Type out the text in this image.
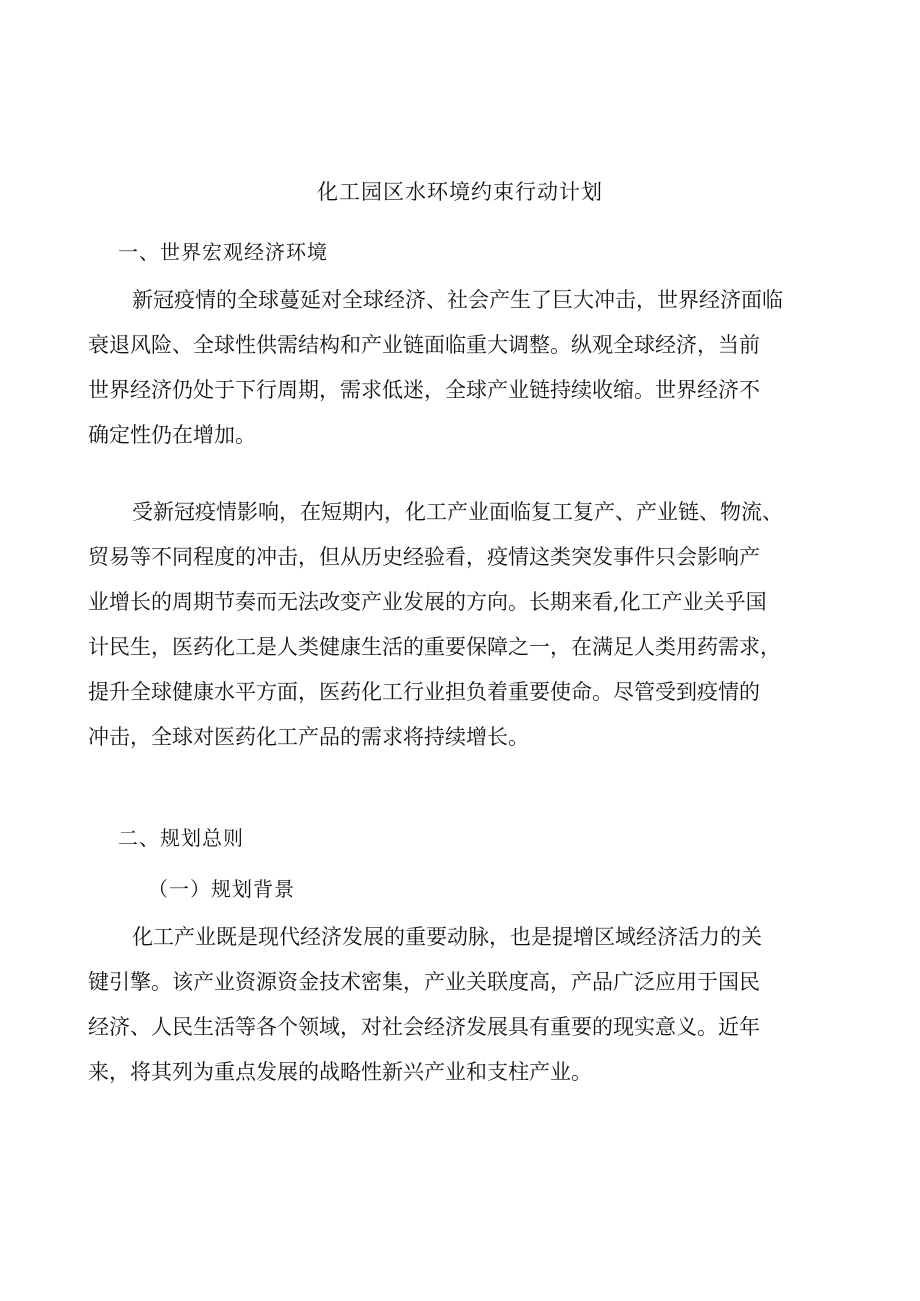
化工园区水环境约束行动计划
一、世界宏观经济环境
新冠疫情的全球蔓延对全球经济、社会产生了巨大冲击，世界经济面临
衰退风险、全球性供需结构和产业链面临重大调整。纵观全球经济，当前
世界经济仍处于下行周期，需求低迷，全球产业链持续收缩。世界经济不
确定性仍在增加。
受新冠疫情影响，在短期内，化工产业面临复工复产、产业链、物流、
贸易等不同程度的冲击，但从历史经验看，疫情这类突发事件只会影响产
业增长的周期节奏而无法改变产业发展的方向。长期来看,化工产业关乎国
计民生，医药化工是人类健康生活的重要保障之一，在满足人类用药需求，
提升全球健康水平方面，医药化工行业担负着重要使命。尽管受到疫情的
冲击，全球对医药化工产品的需求将持续增长。
二、规划总则
（一）规划背景
化工产业既是现代经济发展的重要动脉，也是提增区域经济活力的关
键引擎。该产业资源资金技术密集，产业关联度高，产品广泛应用于国民
经济、人民生活等各个领域，对社会经济发展具有重要的现实意义。近年
来，将其列为重点发展的战略性新兴产业和支柱产业。
